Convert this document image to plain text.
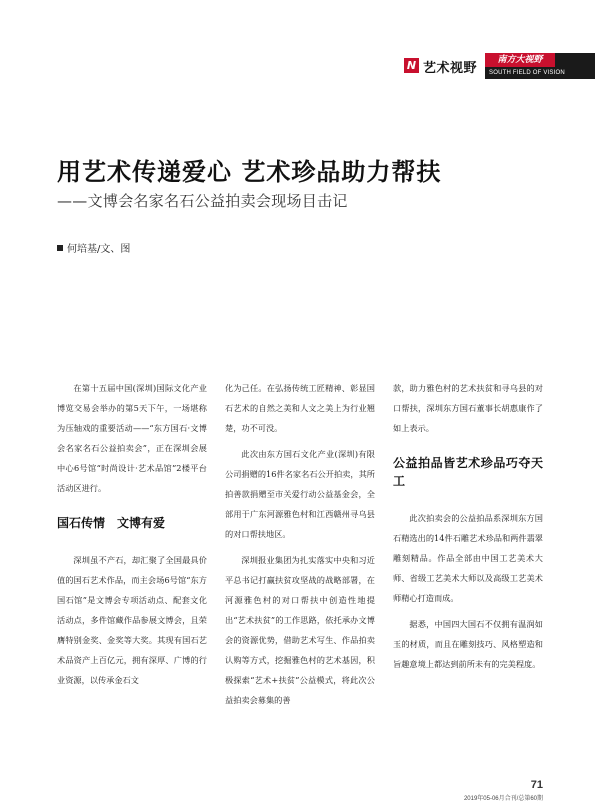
N 艺术视野
南方大视野
SOUTH FIELD OF VISION
用艺术传递爱心 艺术珍品助力帮扶
——文博会名家名石公益拍卖会现场目击记
何培基/文、图

在第十五届中国(深圳)国际文化产业博览交易会举办的第5天下午，一场堪称为压轴戏的重要活动——“东方国石·文博会名家名石公益拍卖会”，正在深圳会展中心6号馆“时尚设计·艺术品馆”2楼平台活动区进行。

国石传情　文博有爱

深圳虽不产石，却汇聚了全国最具价值的国石艺术作品，而主会场6号馆“东方国石馆”是文博会专项活动点、配套文化活动点，多件馆藏作品参展文博会，且荣膺特别金奖、金奖等大奖。其现有国石艺术品资产上百亿元，拥有深厚、广博的行业资源，以传承金石文

化为己任。在弘扬传统工匠精神、彰显国石艺术的自然之美和人文之美上为行业翘楚，功不可没。

此次由东方国石文化产业(深圳)有限公司捐赠的16件名家名石公开拍卖，其所拍善款捐赠至市关爱行动公益基金会，全部用于广东河源雅色村和江西赣州寻乌县的对口帮扶地区。

深圳报业集团为扎实落实中央和习近平总书记打赢扶贫攻坚战的战略部署，在河源雅色村的对口帮扶中创造性地提出“艺术扶贫”的工作思路，依托承办文博会的资源优势，借助艺术写生、作品拍卖认购等方式，挖掘雅色村的艺术基因，积极探索“艺术+扶贫”公益模式，将此次公益拍卖会募集的善

款，助力雅色村的艺术扶贫和寻乌县的对口帮扶，深圳东方国石董事长胡惠康作了如上表示。

公益拍品皆艺术珍品巧夺天工

此次拍卖会的公益拍品系深圳东方国石精选出的14件石雕艺术珍品和两件翡翠雕刻精品。作品全部由中国工艺美术大师、省级工艺美术大师以及高级工艺美术师精心打造而成。

据悉，中国四大国石不仅拥有温润如玉的材质，而且在雕刻技巧、风格塑造和旨趣意境上都达到前所未有的完美程度。

71
2019年05-06月合刊/总第60期
